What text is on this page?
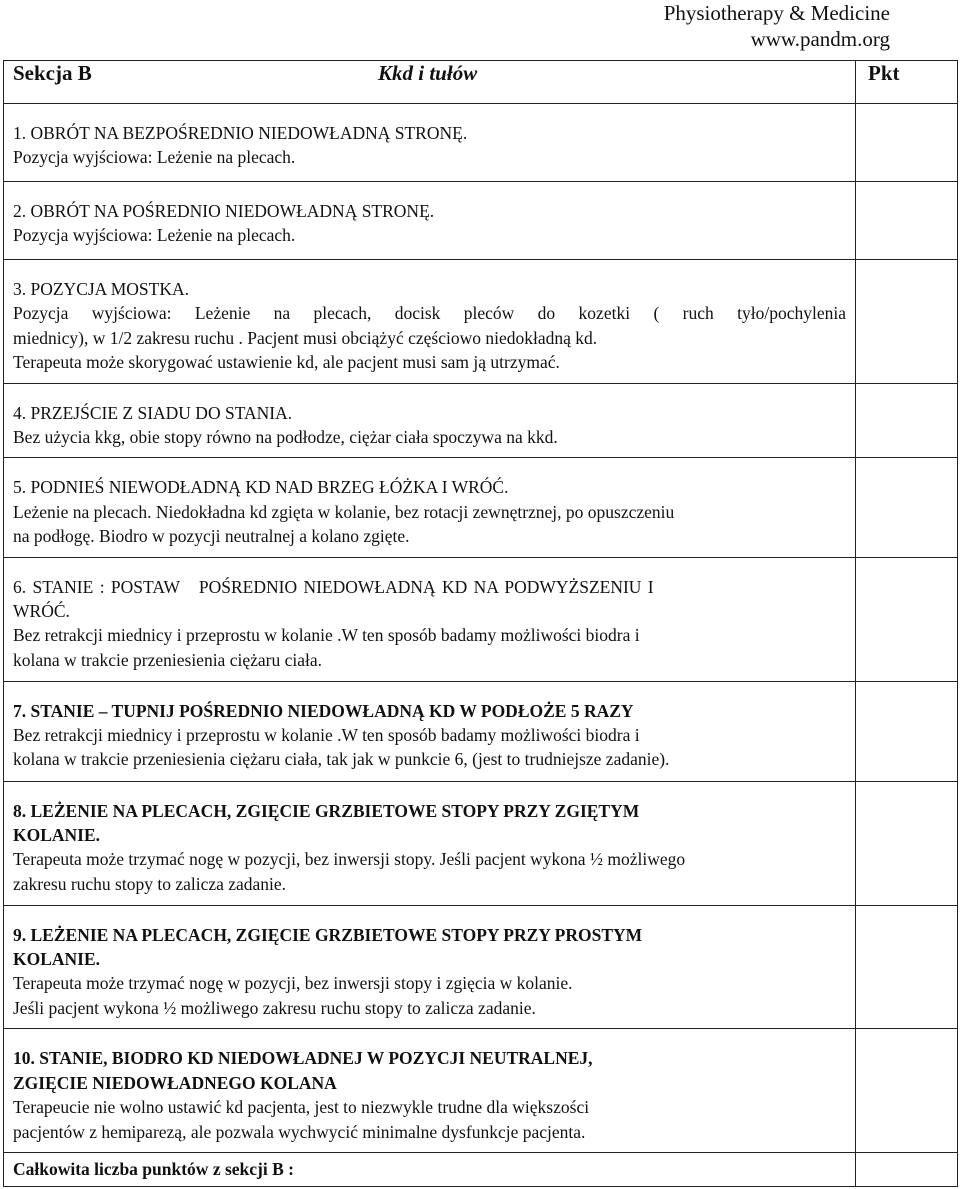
Physiotherapy & Medicine
www.pandm.org
Sekcja B Kkd i tułów	Pkt

1. OBRÓT NA BEZPOŚREDNIO NIEDOWŁADNĄ STRONĘ.
Pozycja wyjściowa: Leżenie na plecach.	

2. OBRÓT NA POŚREDNIO NIEDOWŁADNĄ STRONĘ.
Pozycja wyjściowa: Leżenie na plecach.	

3. POZYCJA MOSTKA.
Pozycja wyjściowa: Leżenie na plecach, docisk pleców do kozetki ( ruch tyło/pochylenia
miednicy), w 1/2 zakresu ruchu . Pacjent musi obciążyć częściowo niedokładną kd.
Terapeuta może skorygować ustawienie kd, ale pacjent musi sam ją utrzymać.	

4. PRZEJŚCIE Z SIADU DO STANIA.
Bez użycia kkg, obie stopy równo na podłodze, ciężar ciała spoczywa na kkd.	

5. PODNIEŚ NIEWODŁADNĄ KD NAD BRZEG ŁÓŻKA I WRÓĆ.
Leżenie na plecach. Niedokładna kd zgięta w kolanie, bez rotacji zewnętrznej, po opuszczeniu
na podłogę. Biodro w pozycji neutralnej a kolano zgięte.	

6. STANIE : POSTAW   POŚREDNIO NIEDOWŁADNĄ KD NA PODWYŻSZENIU I
WRÓĆ.
Bez retrakcji miednicy i przeprostu w kolanie .W ten sposób badamy możliwości biodra i
kolana w trakcie przeniesienia ciężaru ciała.	

7. STANIE – TUPNIJ POŚREDNIO NIEDOWŁADNĄ KD W PODŁOŻE 5 RAZY
Bez retrakcji miednicy i przeprostu w kolanie .W ten sposób badamy możliwości biodra i
kolana w trakcie przeniesienia ciężaru ciała, tak jak w punkcie 6, (jest to trudniejsze zadanie).	

8. LEŻENIE NA PLECACH, ZGIĘCIE GRZBIETOWE STOPY PRZY ZGIĘTYM
KOLANIE.
Terapeuta może trzymać nogę w pozycji, bez inwersji stopy. Jeśli pacjent wykona ½ możliwego
zakresu ruchu stopy to zalicza zadanie.	

9. LEŻENIE NA PLECACH, ZGIĘCIE GRZBIETOWE STOPY PRZY PROSTYM
KOLANIE.
Terapeuta może trzymać nogę w pozycji, bez inwersji stopy i zgięcia w kolanie.
Jeśli pacjent wykona ½ możliwego zakresu ruchu stopy to zalicza zadanie.	

10. STANIE, BIODRO KD NIEDOWŁADNEJ W POZYCJI NEUTRALNEJ,
ZGIĘCIE NIEDOWŁADNEGO KOLANA
Terapeucie nie wolno ustawić kd pacjenta, jest to niezwykle trudne dla większości
pacjentów z hemiparezą, ale pozwala wychwycić minimalne dysfunkcje pacjenta.	

Całkowita liczba punktów z sekcji B :	
